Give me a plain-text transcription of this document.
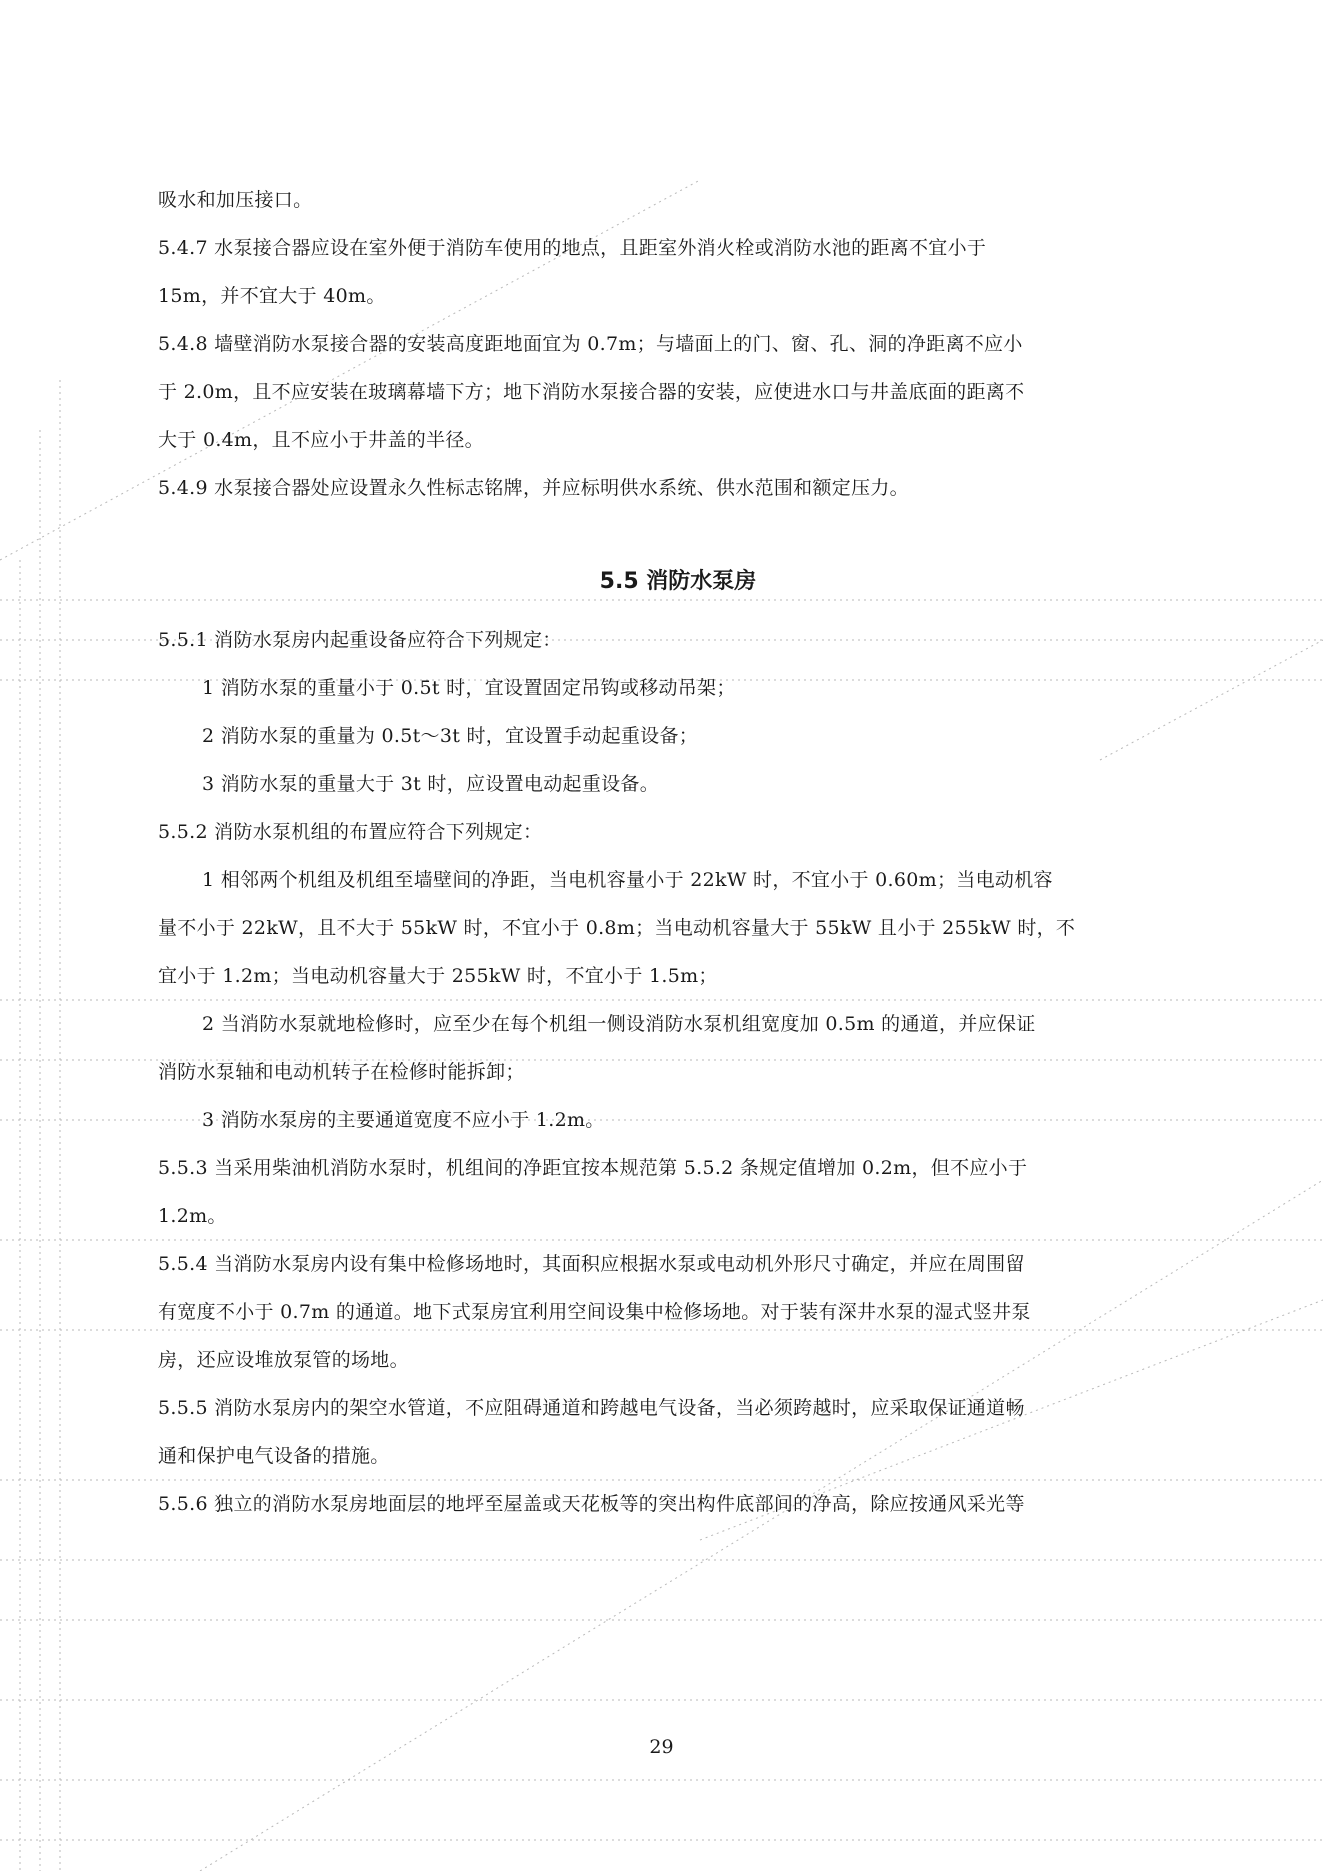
吸水和加压接口。

5.4.7 水泵接合器应设在室外便于消防车使用的地点，且距室外消火栓或消防水池的距离不宜小于

15m，并不宜大于 40m。

5.4.8 墙壁消防水泵接合器的安装高度距地面宜为 0.7m；与墙面上的门、窗、孔、洞的净距离不应小

于 2.0m，且不应安装在玻璃幕墙下方；地下消防水泵接合器的安装，应使进水口与井盖底面的距离不

大于 0.4m，且不应小于井盖的半径。

5.4.9 水泵接合器处应设置永久性标志铭牌，并应标明供水系统、供水范围和额定压力。

5.5 消防水泵房

5.5.1 消防水泵房内起重设备应符合下列规定：

1 消防水泵的重量小于 0.5t 时，宜设置固定吊钩或移动吊架；

2 消防水泵的重量为 0.5t～3t 时，宜设置手动起重设备；

3 消防水泵的重量大于 3t 时，应设置电动起重设备。

5.5.2 消防水泵机组的布置应符合下列规定：

1 相邻两个机组及机组至墙壁间的净距，当电机容量小于 22kW 时，不宜小于 0.60m；当电动机容

量不小于 22kW，且不大于 55kW 时，不宜小于 0.8m；当电动机容量大于 55kW 且小于 255kW 时，不

宜小于 1.2m；当电动机容量大于 255kW 时，不宜小于 1.5m；

2 当消防水泵就地检修时，应至少在每个机组一侧设消防水泵机组宽度加 0.5m 的通道，并应保证

消防水泵轴和电动机转子在检修时能拆卸；

3 消防水泵房的主要通道宽度不应小于 1.2m。

5.5.3 当采用柴油机消防水泵时，机组间的净距宜按本规范第 5.5.2 条规定值增加 0.2m，但不应小于

1.2m。

5.5.4 当消防水泵房内设有集中检修场地时，其面积应根据水泵或电动机外形尺寸确定，并应在周围留

有宽度不小于 0.7m 的通道。地下式泵房宜利用空间设集中检修场地。对于装有深井水泵的湿式竖井泵

房，还应设堆放泵管的场地。

5.5.5 消防水泵房内的架空水管道，不应阻碍通道和跨越电气设备，当必须跨越时，应采取保证通道畅

通和保护电气设备的措施。

5.5.6 独立的消防水泵房地面层的地坪至屋盖或天花板等的突出构件底部间的净高，除应按通风采光等

29
